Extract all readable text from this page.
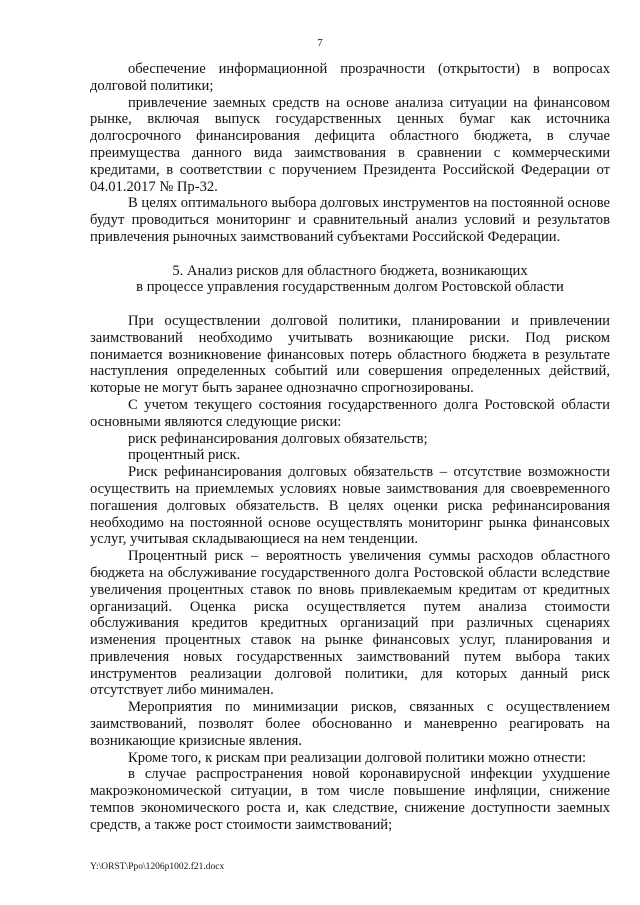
7

обеспечение информационной прозрачности (открытости) в вопросах долговой политики;

привлечение заемных средств на основе анализа ситуации на финансовом рынке, включая выпуск государственных ценных бумаг как источника долгосрочного финансирования дефицита областного бюджета, в случае преимущества данного вида заимствования в сравнении с коммерческими кредитами, в соответствии с поручением Президента Российской Федерации от 04.01.2017 № Пр-32.

В целях оптимального выбора долговых инструментов на постоянной основе будут проводиться мониторинг и сравнительный анализ условий и результатов привлечения рыночных заимствований субъектами Российской Федерации.

5. Анализ рисков для областного бюджета, возникающих
в процессе управления государственным долгом Ростовской области

При осуществлении долговой политики, планировании и привлечении заимствований необходимо учитывать возникающие риски. Под риском понимается возникновение финансовых потерь областного бюджета в результате наступления определенных событий или совершения определенных действий, которые не могут быть заранее однозначно спрогнозированы.

С учетом текущего состояния государственного долга Ростовской области основными являются следующие риски:

риск рефинансирования долговых обязательств;

процентный риск.

Риск рефинансирования долговых обязательств – отсутствие возможности осуществить на приемлемых условиях новые заимствования для своевременного погашения долговых обязательств. В целях оценки риска рефинансирования необходимо на постоянной основе осуществлять мониторинг рынка финансовых услуг, учитывая складывающиеся на нем тенденции.

Процентный риск – вероятность увеличения суммы расходов областного бюджета на обслуживание государственного долга Ростовской области вследствие увеличения процентных ставок по вновь привлекаемым кредитам от кредитных организаций. Оценка риска осуществляется путем анализа стоимости обслуживания кредитов кредитных организаций при различных сценариях изменения процентных ставок на рынке финансовых услуг, планирования и привлечения новых государственных заимствований путем выбора таких инструментов реализации долговой политики, для которых данный риск отсутствует либо минимален.

Мероприятия по минимизации рисков, связанных с осуществлением заимствований, позволят более обоснованно и маневренно реагировать на возникающие кризисные явления.

Кроме того, к рискам при реализации долговой политики можно отнести:

в случае распространения новой коронавирусной инфекции ухудшение макроэкономической ситуации, в том числе повышение инфляции, снижение темпов экономического роста и, как следствие, снижение доступности заемных средств, а также рост стоимости заимствований;

Y:\ORST\Ppo\1206p1002.f21.docx
